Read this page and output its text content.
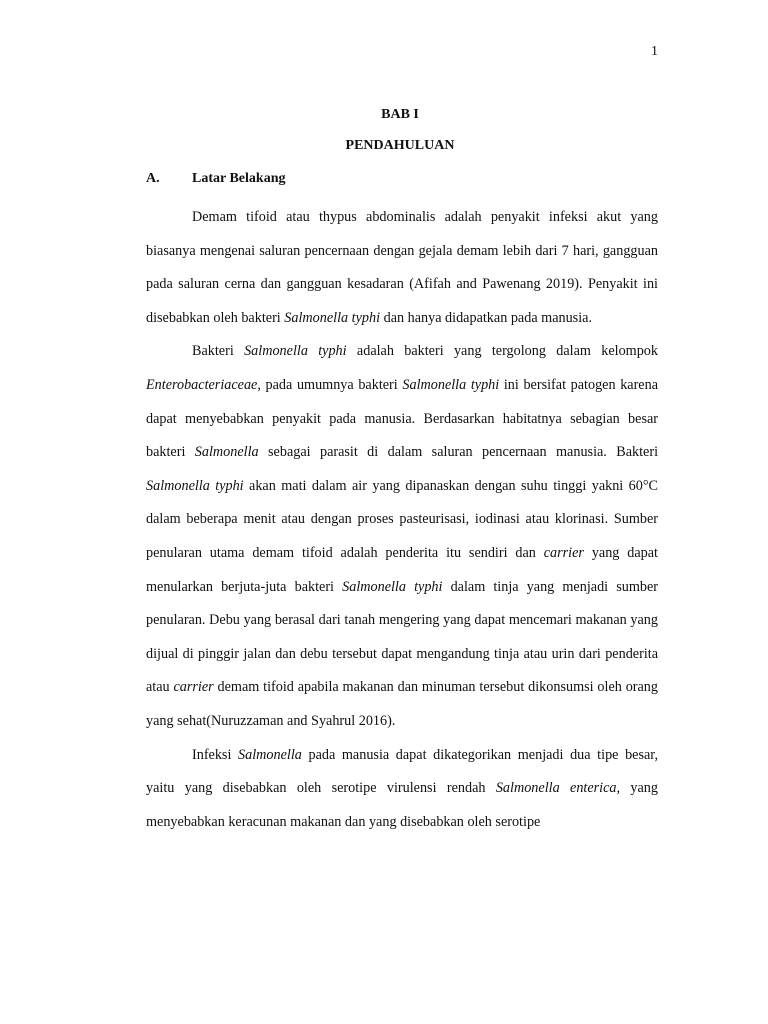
1
BAB I
PENDAHULUAN
A. Latar Belakang

Demam tifoid atau thypus abdominalis adalah penyakit infeksi akut yang biasanya mengenai saluran pencernaan dengan gejala demam lebih dari 7 hari, gangguan pada saluran cerna dan gangguan kesadaran (Afifah and Pawenang 2019). Penyakit ini disebabkan oleh bakteri Salmonella typhi dan hanya didapatkan pada manusia.

Bakteri Salmonella typhi adalah bakteri yang tergolong dalam kelompok Enterobacteriaceae, pada umumnya bakteri Salmonella typhi ini bersifat patogen karena dapat menyebabkan penyakit pada manusia. Berdasarkan habitatnya sebagian besar bakteri Salmonella sebagai parasit di dalam saluran pencernaan manusia. Bakteri Salmonella typhi akan mati dalam air yang dipanaskan dengan suhu tinggi yakni 60°C dalam beberapa menit atau dengan proses pasteurisasi, iodinasi atau klorinasi. Sumber penularan utama demam tifoid adalah penderita itu sendiri dan carrier yang dapat menularkan berjuta-juta bakteri Salmonella typhi dalam tinja yang menjadi sumber penularan. Debu yang berasal dari tanah mengering yang dapat mencemari makanan yang dijual di pinggir jalan dan debu tersebut dapat mengandung tinja atau urin dari penderita atau carrier demam tifoid apabila makanan dan minuman tersebut dikonsumsi oleh orang yang sehat(Nuruzzaman and Syahrul 2016).

Infeksi Salmonella pada manusia dapat dikategorikan menjadi dua tipe besar, yaitu yang disebabkan oleh serotipe virulensi rendah Salmonella enterica, yang menyebabkan keracunan makanan dan yang disebabkan oleh serotipe
